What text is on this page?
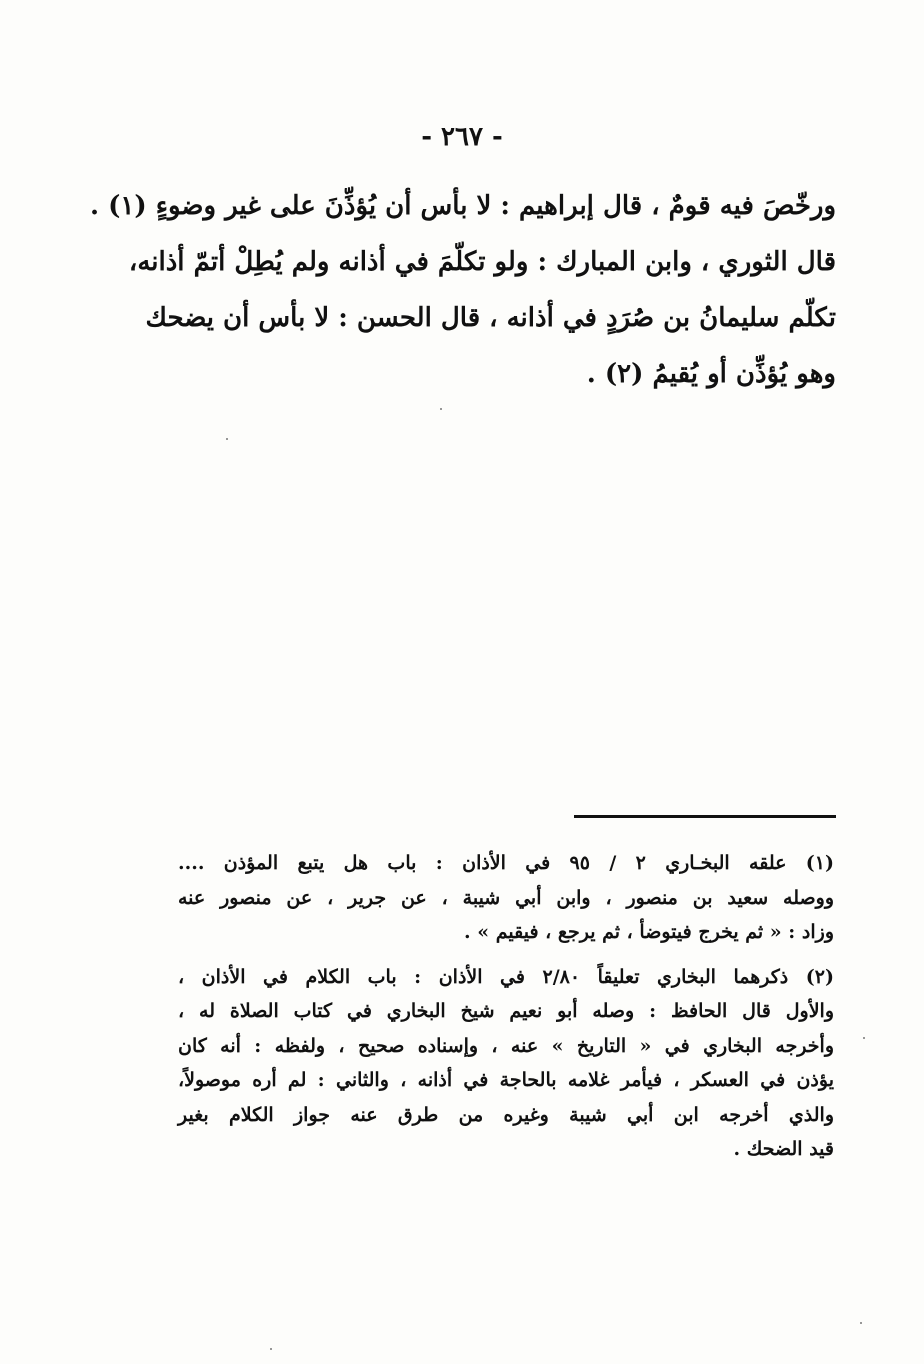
- ٢٦٧ -
ورخّصَ فيه قومٌ ، قال إبراهيم : لا بأس أن يُؤذِّنَ على غير وضوءٍ (١) .
قال الثوري ، وابن المبارك : ولو تكلّمَ في أذانه ولم يُطِلْ أتمّ أذانه،
تكلّم سليمانُ بن صُرَدٍ في أذانه ، قال الحسن : لا بأس أن يضحك
وهو يُؤذِّن أو يُقيمُ (٢) .
(١) علقه البخـاري ٢ / ٩٥ في الأذان : باب هل يتبع المؤذن ....
ووصله سعيد بن منصور ، وابن أبي شيبة ، عن جرير ، عن منصور عنه
وزاد : « ثم يخرج فيتوضأ ، ثم يرجع ، فيقيم » .
(٢) ذكرهما البخاري تعليقاً ٢/٨٠ في الأذان : باب الكلام في الأذان ،
والأول قال الحافظ : وصله أبو نعيم شيخ البخاري في كتاب الصلاة له ،
وأخرجه البخاري في « التاريخ » عنه ، وإسناده صحيح ، ولفظه : أنه كان
يؤذن في العسكر ، فيأمر غلامه بالحاجة في أذانه ، والثاني : لم أره موصولاً،
والذي أخرجه ابن أبي شيبة وغيره من طرق عنه جواز الكلام بغير
قيد الضحك .
